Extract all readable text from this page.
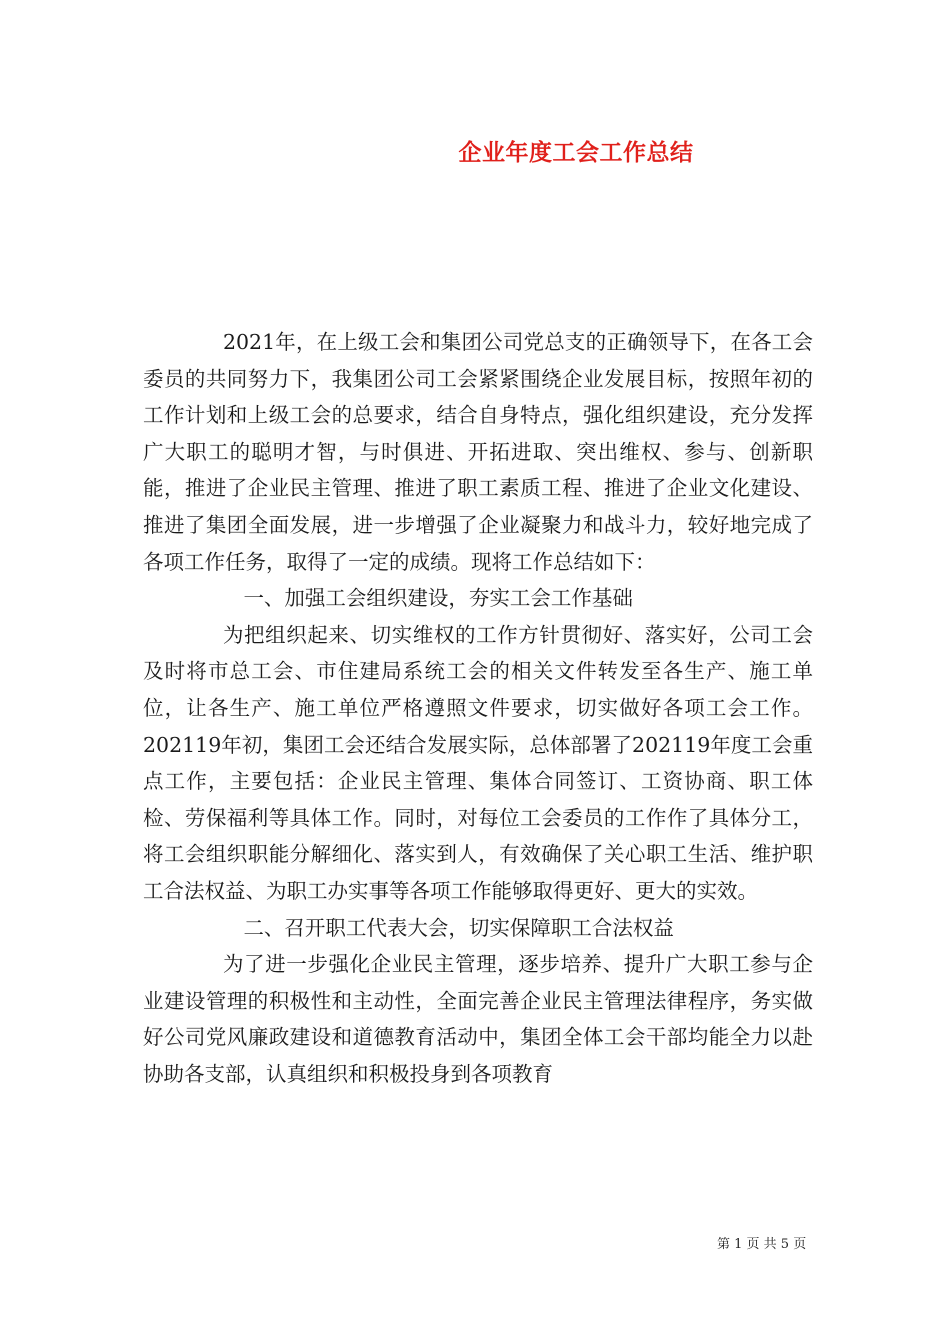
企业年度工会工作总结

2021年，在上级工会和集团公司党总支的正确领导下，在各工会委员的共同努力下，我集团公司工会紧紧围绕企业发展目标，按照年初的工作计划和上级工会的总要求，结合自身特点，强化组织建设，充分发挥广大职工的聪明才智，与时俱进、开拓进取、突出维权、参与、创新职能，推进了企业民主管理、推进了职工素质工程、推进了企业文化建设、推进了集团全面发展，进一步增强了企业凝聚力和战斗力，较好地完成了各项工作任务，取得了一定的成绩。现将工作总结如下：

一、加强工会组织建设，夯实工会工作基础

为把组织起来、切实维权的工作方针贯彻好、落实好，公司工会及时将市总工会、市住建局系统工会的相关文件转发至各生产、施工单位，让各生产、施工单位严格遵照文件要求，切实做好各项工会工作。202119年初，集团工会还结合发展实际，总体部署了202119年度工会重点工作，主要包括：企业民主管理、集体合同签订、工资协商、职工体检、劳保福利等具体工作。同时，对每位工会委员的工作作了具体分工，将工会组织职能分解细化、落实到人，有效确保了关心职工生活、维护职工合法权益、为职工办实事等各项工作能够取得更好、更大的实效。

二、召开职工代表大会，切实保障职工合法权益

为了进一步强化企业民主管理，逐步培养、提升广大职工参与企业建设管理的积极性和主动性，全面完善企业民主管理法律程序，务实做好公司党风廉政建设和道德教育活动中，集团全体工会干部均能全力以赴协助各支部，认真组织和积极投身到各项教育

第 1 页 共 5 页
